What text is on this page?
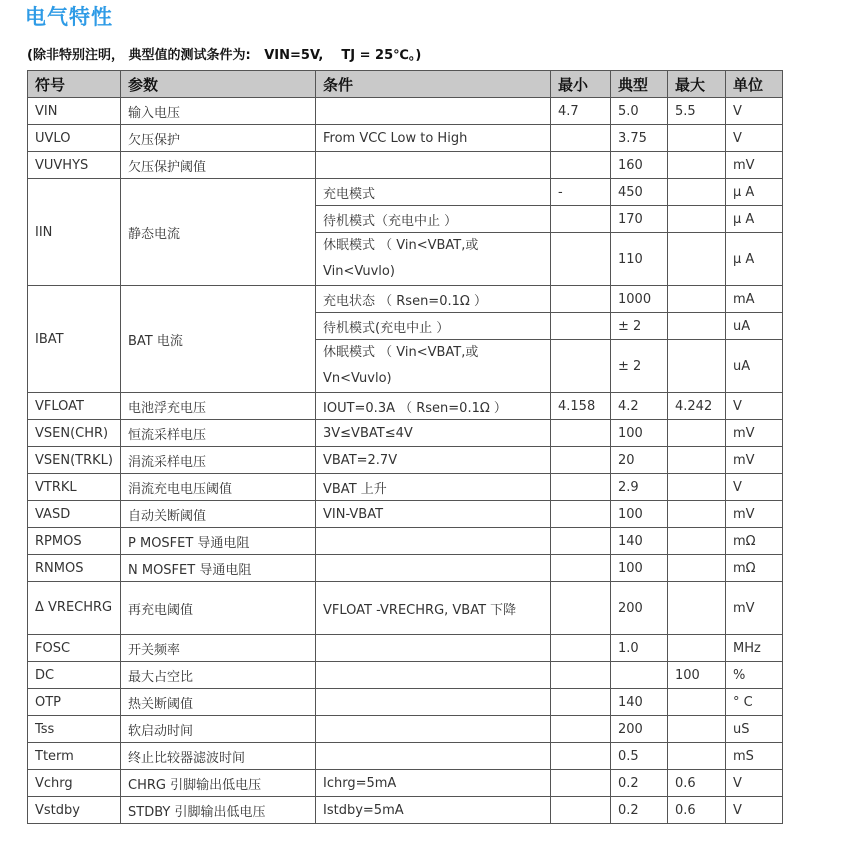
电气特性
(除非特别注明， 典型值的测试条件为:   VIN=5V,    TJ = 25℃。)
符号	参数	条件	最小	典型	最大	单位
VIN	输入电压		4.7	5.0	5.5	V
UVLO	欠压保护	From VCC Low to High		3.75		V
VUVHYS	欠压保护阈值			160		mV
IIN	静态电流	充电模式	-	450		μ A
		待机模式（充电中止 ）		170		μ A
		休眠模式 （ Vin<VBAT,或 Vin<Vuvlo)		110		μ A
IBAT	BAT 电流	充电状态 （ Rsen=0.1Ω ）		1000		mA
		待机模式(充电中止 ）		± 2		uA
		休眠模式 （ Vin<VBAT,或 Vn<Vuvlo)		± 2		uA
VFLOAT	电池浮充电压	IOUT=0.3A （ Rsen=0.1Ω ）	4.158	4.2	4.242	V
VSEN(CHR)	恒流采样电压	3V≤VBAT≤4V		100		mV
VSEN(TRKL)	涓流采样电压	VBAT=2.7V		20		mV
VTRKL	涓流充电电压阈值	VBAT 上升		2.9		V
VASD	自动关断阈值	VIN-VBAT		100		mV
RPMOS	P MOSFET 导通电阻			140		mΩ
RNMOS	N MOSFET 导通电阻			100		mΩ
Δ VRECHRG	再充电阈值	VFLOAT -VRECHRG, VBAT 下降		200		mV
FOSC	开关频率			1.0		MHz
DC	最大占空比				100	%
OTP	热关断阈值			140		° C
Tss	软启动时间			200		uS
Tterm	终止比较器滤波时间			0.5		mS
Vchrg	CHRG 引脚输出低电压	Ichrg=5mA		0.2	0.6	V
Vstdby	STDBY 引脚输出低电压	Istdby=5mA		0.2	0.6	V
